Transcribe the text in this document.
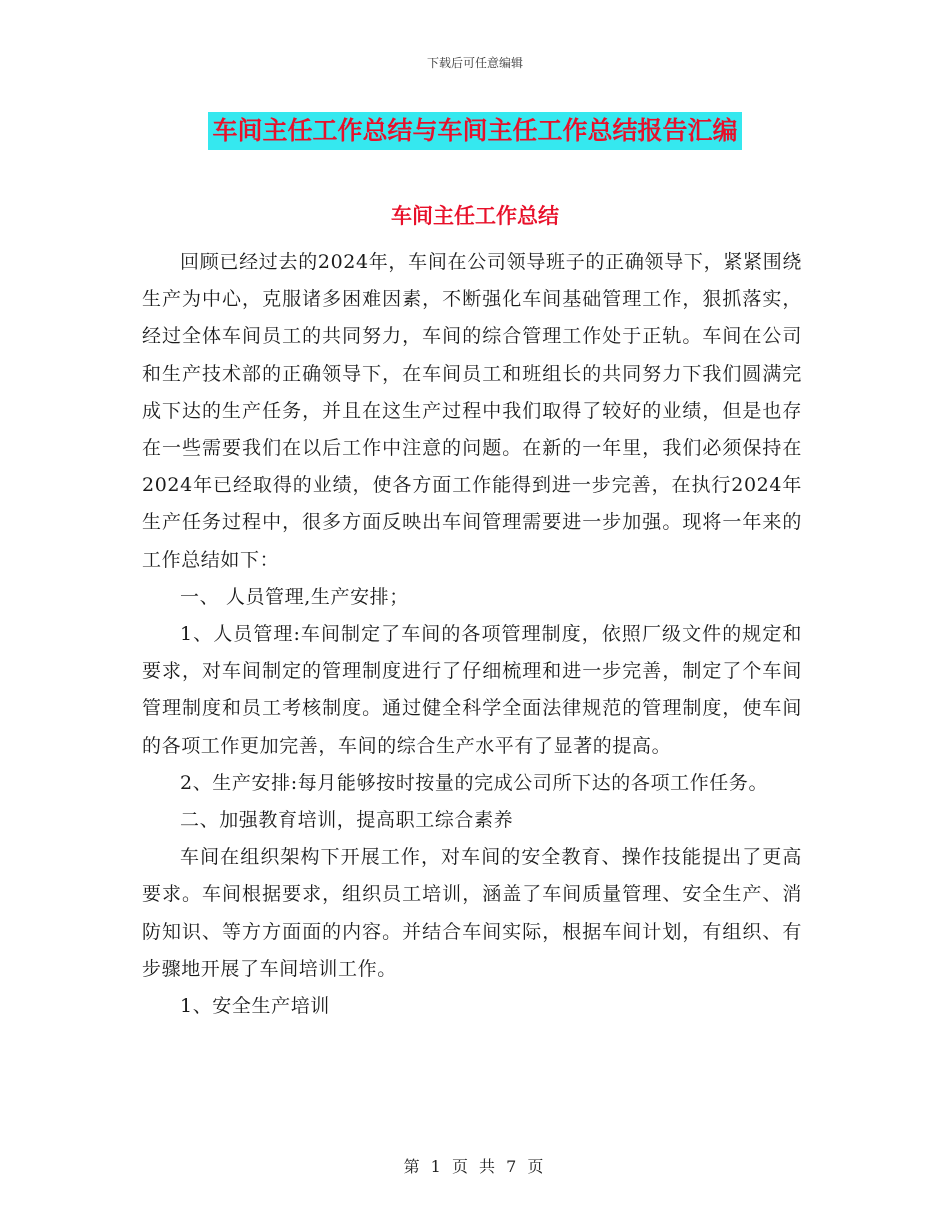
下载后可任意编辑
车间主任工作总结与车间主任工作总结报告汇编
车间主任工作总结

回顾已经过去的2024年，车间在公司领导班子的正确领导下，紧紧围绕生产为中心，克服诸多困难因素，不断强化车间基础管理工作，狠抓落实，经过全体车间员工的共同努力，车间的综合管理工作处于正轨。车间在公司和生产技术部的正确领导下，在车间员工和班组长的共同努力下我们圆满完成下达的生产任务，并且在这生产过程中我们取得了较好的业绩，但是也存在一些需要我们在以后工作中注意的问题。在新的一年里，我们必须保持在2024年已经取得的业绩，使各方面工作能得到进一步完善，在执行2024年生产任务过程中，很多方面反映出车间管理需要进一步加强。现将一年来的工作总结如下：

一、 人员管理,生产安排；

1、人员管理:车间制定了车间的各项管理制度，依照厂级文件的规定和要求，对车间制定的管理制度进行了仔细梳理和进一步完善，制定了个车间管理制度和员工考核制度。通过健全科学全面法律规范的管理制度，使车间的各项工作更加完善，车间的综合生产水平有了显著的提高。

2、生产安排:每月能够按时按量的完成公司所下达的各项工作任务。

二、加强教育培训，提高职工综合素养

车间在组织架构下开展工作，对车间的安全教育、操作技能提出了更高要求。车间根据要求，组织员工培训，涵盖了车间质量管理、安全生产、消防知识、等方方面面的内容。并结合车间实际，根据车间计划，有组织、有步骤地开展了车间培训工作。

1、安全生产培训

第 1 页 共 7 页
